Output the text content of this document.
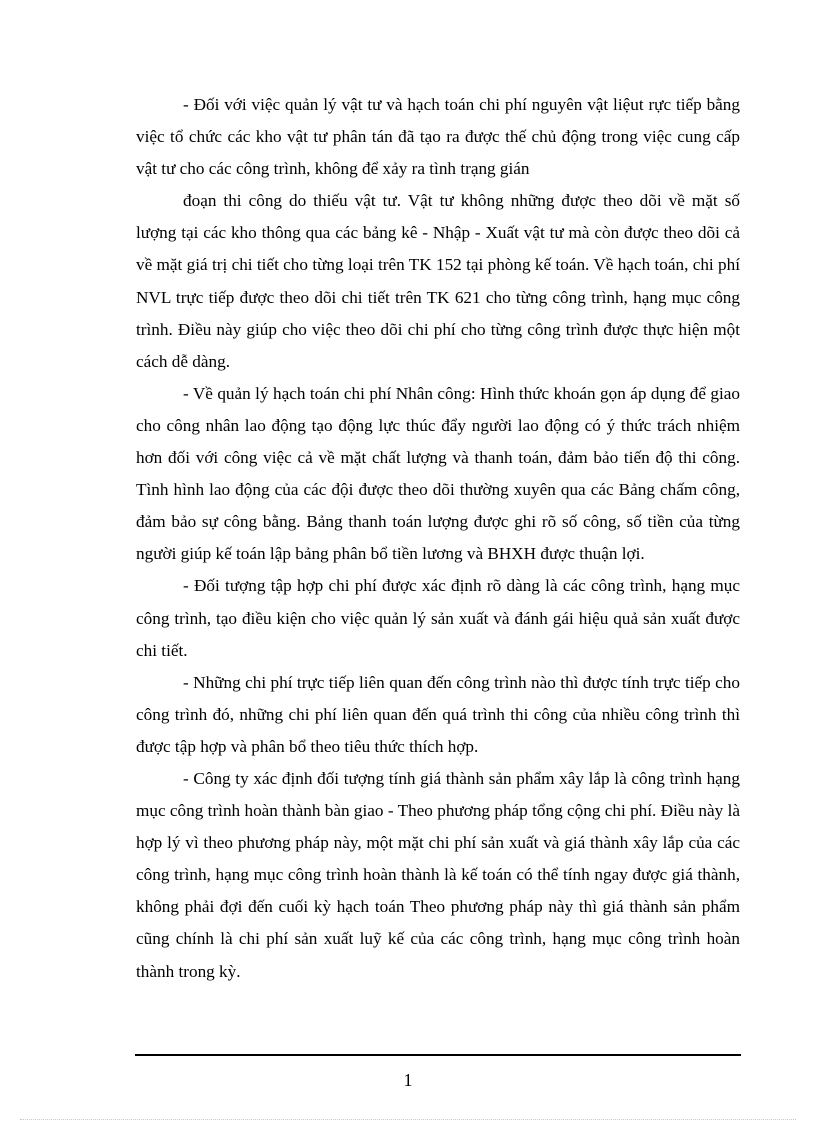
- Đối với việc quản lý vật tư và hạch toán chi phí nguyên vật liệut rực tiếp bằng việc tổ chức các kho vật tư phân tán đã tạo ra được thế chủ động trong việc cung cấp vật tư cho các công trình, không để xảy ra tình trạng gián

đoạn thi công do thiếu vật tư. Vật tư không những được theo dõi về mặt số lượng tại các kho thông qua các bảng kê - Nhập - Xuất vật tư mà còn được theo dõi cả về mặt giá trị chi tiết cho từng loại trên TK 152 tại phòng kế toán. Về hạch toán, chi phí NVL trực tiếp được theo dõi chi tiết trên TK 621 cho từng công trình, hạng mục công trình. Điều này giúp cho việc theo dõi chi phí cho từng công trình được thực hiện một cách dễ dàng.

- Về quản lý hạch toán chi phí Nhân công: Hình thức khoán gọn áp dụng để giao cho công nhân lao động tạo động lực thúc đẩy người lao động có ý thức trách nhiệm hơn đối với công việc cả về mặt chất lượng và thanh toán, đảm bảo tiến độ thi công. Tình hình lao động của các đội được theo dõi thường xuyên qua các Bảng chấm công, đảm bảo sự công bằng. Bảng thanh toán lượng được ghi rõ số công, số tiền của từng người giúp kế toán lập bảng phân bổ tiền lương và BHXH được thuận lợi.

- Đối tượng tập hợp chi phí được xác định rõ dàng là các công trình, hạng mục công trình, tạo điều kiện cho việc quản lý sản xuất và đánh gái hiệu quả sản xuất được chi tiết.

- Những chi phí trực tiếp liên quan đến công trình nào thì được tính trực tiếp cho công trình đó, những chi phí liên quan đến quá trình thi công của nhiều công trình thì được tập hợp và phân bổ theo tiêu thức thích hợp.

- Công ty xác định đối tượng tính giá thành sản phẩm xây lắp là công trình hạng mục công trình hoàn thành bàn giao - Theo phương pháp tổng cộng chi phí. Điều này là hợp lý vì theo phương pháp này, một mặt chi phí sản xuất và giá thành xây lắp của các công trình, hạng mục công trình hoàn thành là kế toán có thể tính ngay được giá thành, không phải đợi đến cuối kỳ hạch toán Theo phương pháp này thì giá thành sản phẩm cũng chính là chi phí sản xuất luỹ kế của các công trình, hạng mục công trình hoàn thành trong kỳ.

1
